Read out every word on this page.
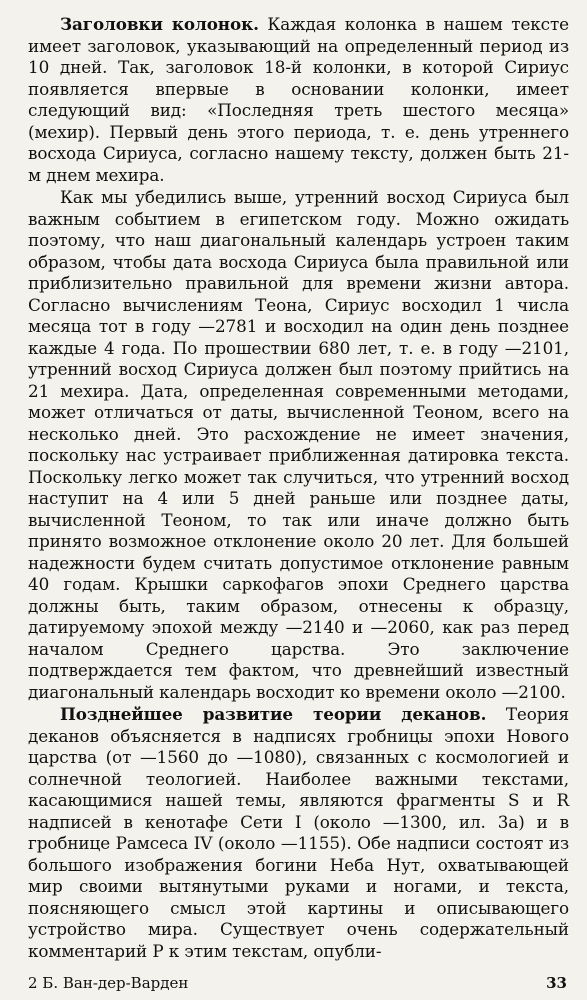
Заголовки колонок. Каждая колонка в нашем тексте имеет заголовок, указывающий на определенный период из 10 дней. Так, заголовок 18-й колонки, в которой Сириус появляется впервые в основании колонки, имеет следующий вид: «Последняя треть шестого месяца» (мехир). Первый день этого периода, т. е. день утреннего восхода Сириуса, согласно нашему тексту, должен быть 21-м днем мехира.

Как мы убедились выше, утренний восход Сириуса был важным событием в египетском году. Можно ожидать поэтому, что наш диагональный календарь устроен таким образом, чтобы дата восхода Сириуса была правильной или приблизительно правильной для времени жизни автора. Согласно вычислениям Теона, Сириус восходил 1 числа месяца тот в году —2781 и восходил на один день позднее каждые 4 года. По прошествии 680 лет, т. е. в году —2101, утренний восход Сириуса должен был поэтому прийтись на 21 мехира. Дата, определенная современными методами, может отличаться от даты, вычисленной Теоном, всего на несколько дней. Это расхождение не имеет значения, поскольку нас устраивает приближенная датировка текста. Поскольку легко может так случиться, что утренний восход наступит на 4 или 5 дней раньше или позднее даты, вычисленной Теоном, то так или иначе должно быть принято возможное отклонение около 20 лет. Для большей надежности будем считать допустимое отклонение равным 40 годам. Крышки саркофагов эпохи Среднего царства должны быть, таким образом, отнесены к образцу, датируемому эпохой между —2140 и —2060, как раз перед началом Среднего царства. Это заключение подтверждается тем фактом, что древнейший известный диагональный календарь восходит ко времени около —2100.

Позднейшее развитие теории деканов. Теория деканов объясняется в надписях гробницы эпохи Нового царства (от —1560 до —1080), связанных с космологией и солнечной теологией. Наиболее важными текстами, касающимися нашей темы, являются фрагменты S и R надписей в кенотафе Сети I (около —1300, ил. 3а) и в гробнице Рамсеса IV (около —1155). Обе надписи состоят из большого изображения богини Неба Нут, охватывающей мир своими вытянутыми руками и ногами, и текста, поясняющего смысл этой картины и описывающего устройство мира. Существует очень содержательный комментарий P к этим текстам, опубли-

2 Б. Ван-дер-Варден	33
